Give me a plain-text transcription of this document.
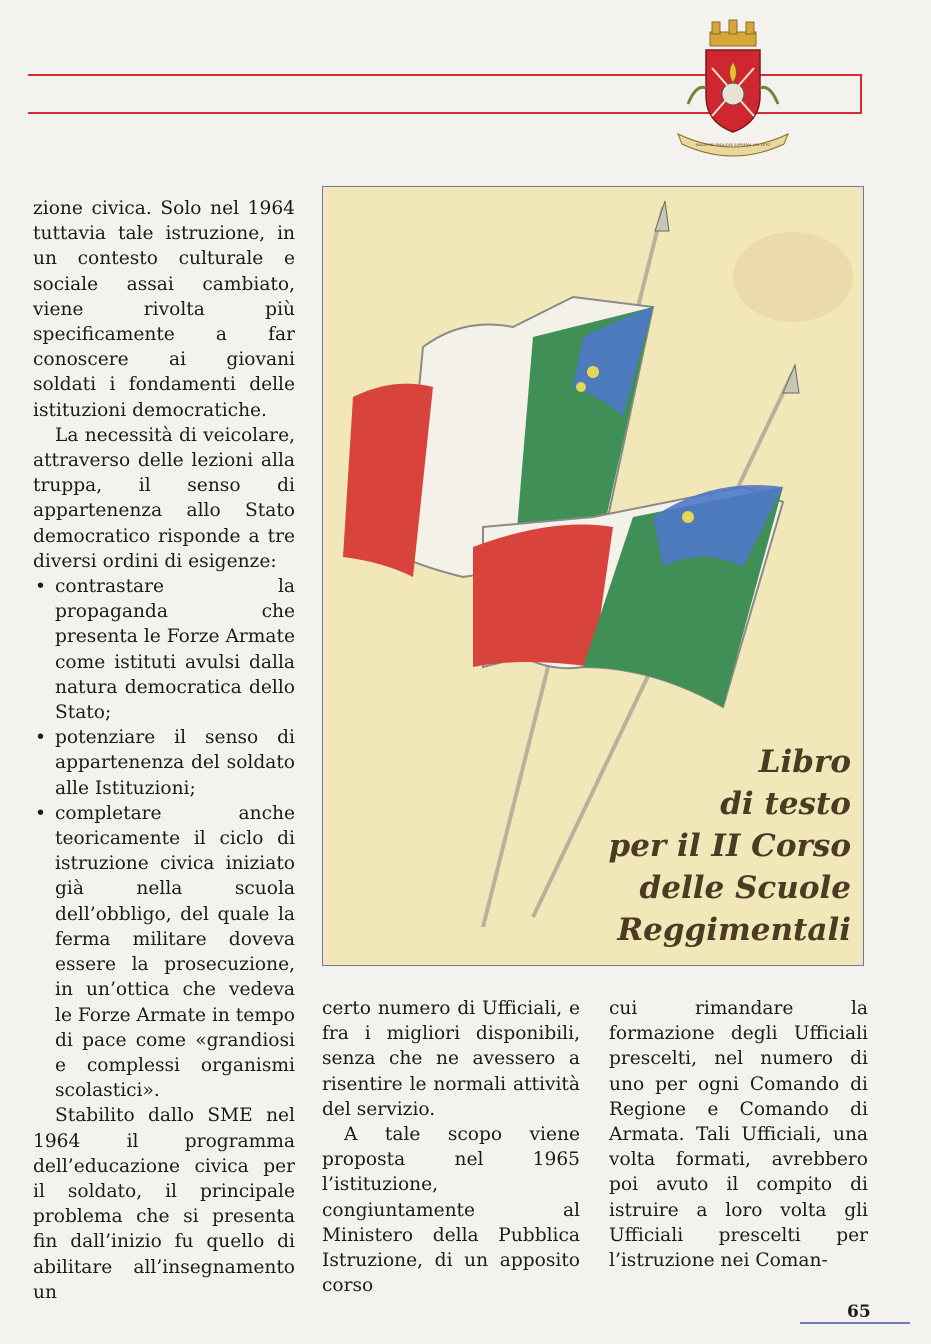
SALUS REI PUBLICAE SUPREMA LEX ESTO

zione civica. Solo nel 1964 tuttavia tale istruzione, in un contesto culturale e sociale assai cambiato, viene rivolta più specificamente a far conoscere ai giovani soldati i fondamenti delle istituzioni democratiche.

La necessità di veicolare, attraverso delle lezioni alla truppa, il senso di appartenenza allo Stato democratico risponde a tre diversi ordini di esigenze:

• contrastare la propaganda che presenta le Forze Armate come istituti avulsi dalla natura democratica dello Stato;
• potenziare il senso di appartenenza del soldato alle Istituzioni;
• completare anche teoricamente il ciclo di istruzione civica iniziato già nella scuola dell’obbligo, del quale la ferma militare doveva essere la prosecuzione, in un’ottica che vedeva le Forze Armate in tempo di pace come «grandiosi e complessi organismi scolastici».

Stabilito dallo SME nel 1964 il programma dell’educazione civica per il soldato, il principale problema che si presenta fin dall’inizio fu quello di abilitare all’insegnamento un

Libro
di testo
per il II Corso
delle Scuole
Reggimentali

certo numero di Ufficiali, e fra i migliori disponibili, senza che ne avessero a risentire le normali attività del servizio.

A tale scopo viene proposta nel 1965 l’istituzione, congiuntamente al Ministero della Pubblica Istruzione, di un apposito corso

cui rimandare la formazione degli Ufficiali prescelti, nel numero di uno per ogni Comando di Regione e Comando di Armata. Tali Ufficiali, una volta formati, avrebbero poi avuto il compito di istruire a loro volta gli Ufficiali prescelti per l’istruzione nei Coman-

65
